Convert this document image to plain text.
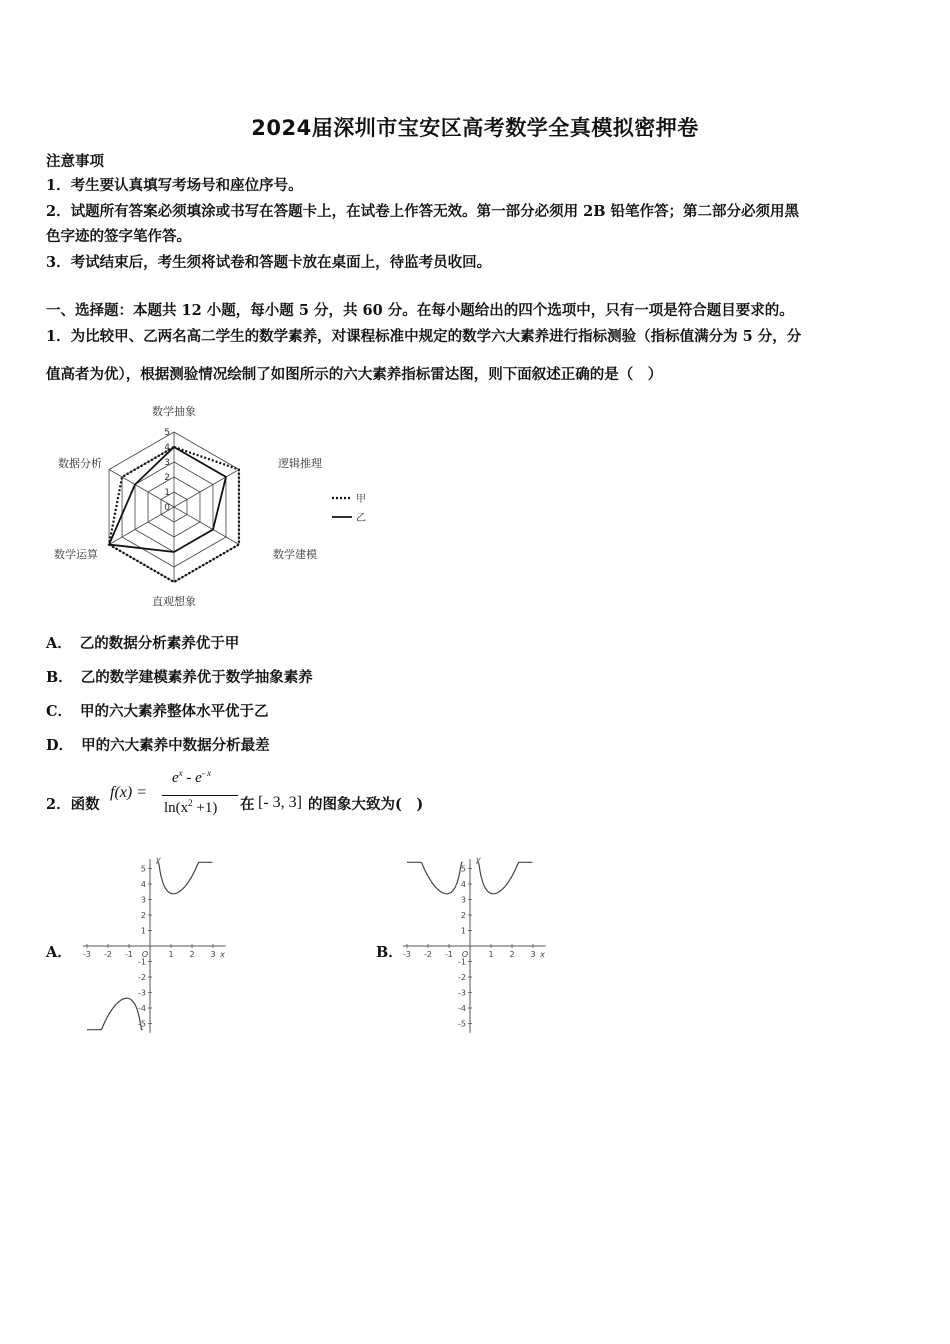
2024届深圳市宝安区高考数学全真模拟密押卷
注意事项
1．考生要认真填写考场号和座位序号。
2．试题所有答案必须填涂或书写在答题卡上，在试卷上作答无效。第一部分必须用 2B 铅笔作答；第二部分必须用黑
色字迹的签字笔作答。
3．考试结束后，考生须将试卷和答题卡放在桌面上，待监考员收回。
一、选择题：本题共 12 小题，每小题 5 分，共 60 分。在每小题给出的四个选项中，只有一项是符合题目要求的。
1．为比较甲、乙两名高二学生的数学素养，对课程标准中规定的数学六大素养进行指标测验（指标值满分为 5 分，分
值高者为优），根据测验情况绘制了如图所示的六大素养指标雷达图，则下面叙述正确的是（　）
数学抽象
逻辑推理
数学建模
直观想象
数学运算
数据分析
0
1
2
3
4
5
甲
乙
A． 乙的数据分析素养优于甲
B． 乙的数学建模素养优于数学抽象素养
C． 甲的六大素养整体水平优于乙
D． 甲的六大素养中数据分析最差
2．函数
f(x) =
$e^x - e^{- x}$
$\ln(x^2 +1)$ 在 [- 3, 3] 的图象大致为(　)
A． -3 -2 -1 O	1 2 3 x
5
4
3
2
1
-1
-2
-3
-4
-5
y
B． -3 -2 -1 O	1 2 3 x
5
4
3
2
1
-1
-2
-3
-4
-5
y
